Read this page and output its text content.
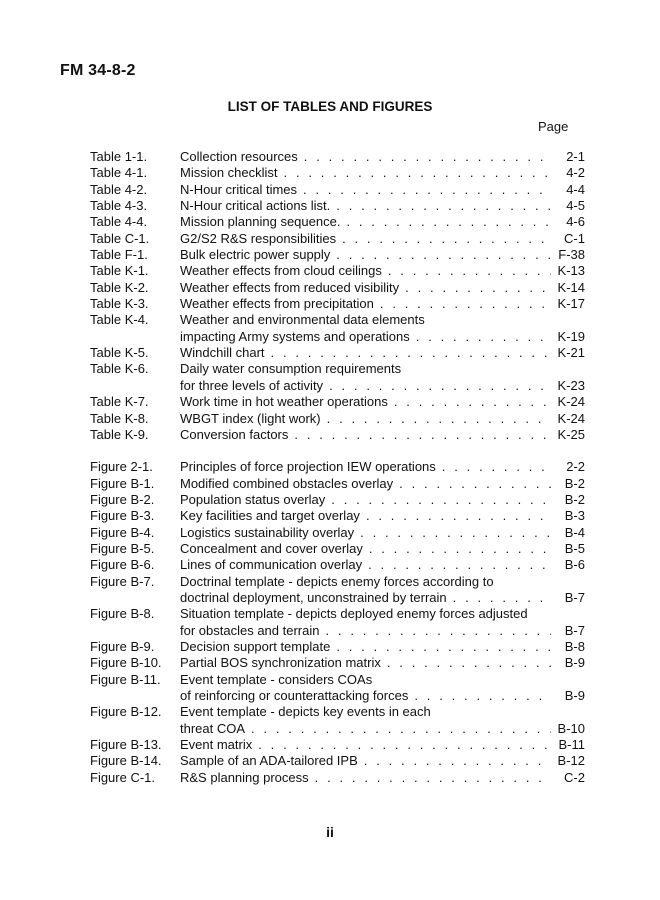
FM 34-8-2
LIST OF TABLES AND FIGURES
Page
Table 1-1.	Collection resources . . .	2-1
Table 4-1.	Mission checklist . . .	4-2
Table 4-2.	N-Hour critical times . . .	4-4
Table 4-3.	N-Hour critical actions list. . . .	4-5
Table 4-4.	Mission planning sequence. . . .	4-6
Table C-1.	G2/S2 R&S responsibilities . . .	C-1
Table F-1.	Bulk electric power supply . . .	F-38
Table K-1.	Weather effects from cloud ceilings . . .	K-13
Table K-2.	Weather effects from reduced visibility . . .	K-14
Table K-3.	Weather effects from precipitation . . .	K-17
Table K-4.	Weather and environmental data elements
impacting Army systems and operations . . .	K-19
Table K-5.	Windchill chart . . .	K-21
Table K-6.	Daily water consumption requirements
for three levels of activity . . .	K-23
Table K-7.	Work time in hot weather operations . . .	K-24
Table K-8.	WBGT index (light work) . . .	K-24
Table K-9.	Conversion factors . . .	K-25
Figure 2-1.	Principles of force projection IEW operations . . .	2-2
Figure B-1.	Modified combined obstacles overlay . . .	B-2
Figure B-2.	Population status overlay . . .	B-2
Figure B-3.	Key facilities and target overlay . . .	B-3
Figure B-4.	Logistics sustainability overlay . . .	B-4
Figure B-5.	Concealment and cover overlay . . .	B-5
Figure B-6.	Lines of communication overlay . . .	B-6
Figure B-7.	Doctrinal template - depicts enemy forces according to
doctrinal deployment, unconstrained by terrain . . .	B-7
Figure B-8.	Situation template - depicts deployed enemy forces adjusted
for obstacles and terrain . . .	B-7
Figure B-9.	Decision support template . . .	B-8
Figure B-10.	Partial BOS synchronization matrix . . .	B-9
Figure B-11.	Event template - considers COAs
of reinforcing or counterattacking forces . . .	B-9
Figure B-12.	Event template - depicts key events in each
threat COA . . .	B-10
Figure B-13.	Event matrix . . .	B-11
Figure B-14.	Sample of an ADA-tailored IPB . . .	B-12
Figure C-1.	R&S planning process . . .	C-2
ii
